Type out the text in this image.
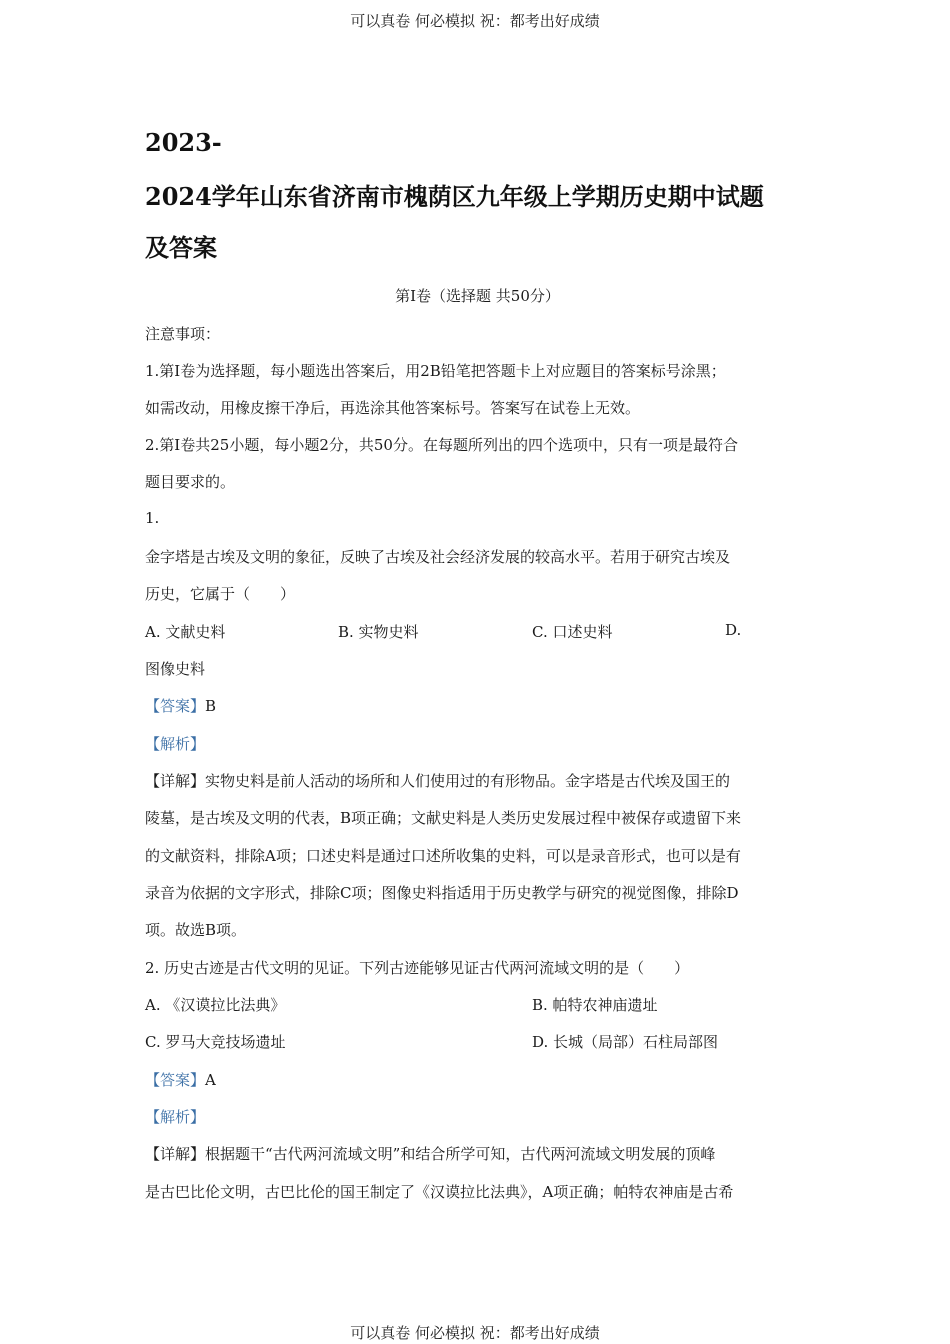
可以真卷 何必模拟 祝：都考出好成绩
2023-
2024学年山东省济南市槐荫区九年级上学期历史期中试题
及答案
第Ⅰ卷（选择题 共50分）
注意事项：
1.第Ⅰ卷为选择题，每小题选出答案后，用2B铅笔把答题卡上对应题目的答案标号涂黑；
如需改动，用橡皮擦干净后，再选涂其他答案标号。答案写在试卷上无效。
2.第Ⅰ卷共25小题，每小题2分，共50分。在每题所列出的四个选项中，只有一项是最符合
题目要求的。
1.
金字塔是古埃及文明的象征，反映了古埃及社会经济发展的较高水平。若用于研究古埃及
历史，它属于（　　）
A. 文献史料	B. 实物史料	C. 口述史料	D.
图像史料
【答案】B
【解析】
【详解】实物史料是前人活动的场所和人们使用过的有形物品。金字塔是古代埃及国王的
陵墓，是古埃及文明的代表，B项正确；文献史料是人类历史发展过程中被保存或遗留下来
的文献资料，排除A项；口述史料是通过口述所收集的史料，可以是录音形式，也可以是有
录音为依据的文字形式，排除C项；图像史料指适用于历史教学与研究的视觉图像，排除D
项。故选B项。
2. 历史古迹是古代文明的见证。下列古迹能够见证古代两河流域文明的是（　　）
A. 《汉谟拉比法典》	B. 帕特农神庙遗址
C. 罗马大竞技场遗址	D. 长城（局部）石柱局部图
【答案】A
【解析】
【详解】根据题干“古代两河流域文明”和结合所学可知，古代两河流域文明发展的顶峰
是古巴比伦文明，古巴比伦的国王制定了《汉谟拉比法典》，A项正确；帕特农神庙是古希
可以真卷 何必模拟 祝：都考出好成绩
